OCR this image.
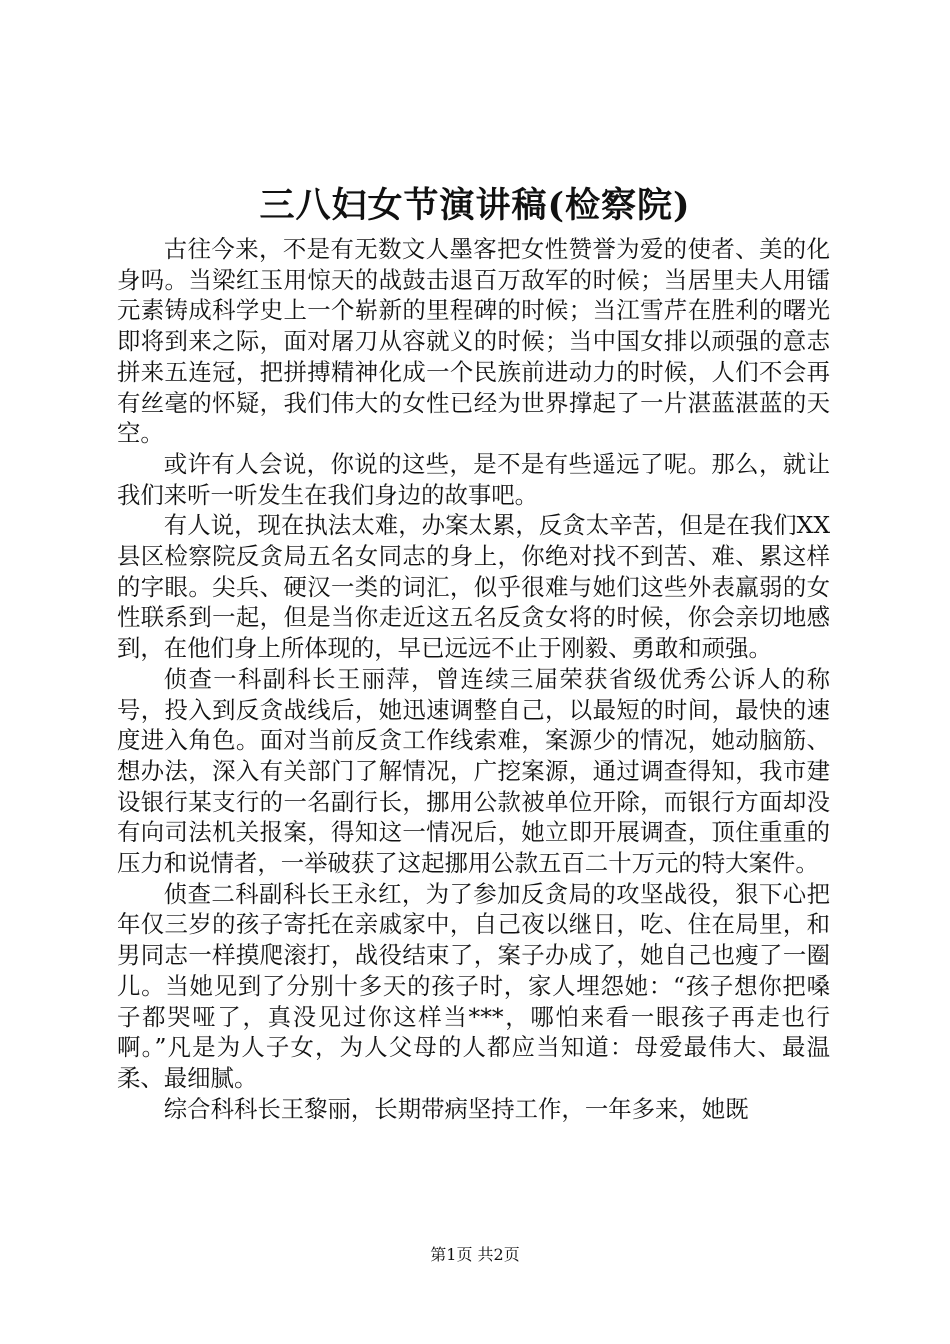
三八妇女节演讲稿(检察院)

古往今来，不是有无数文人墨客把女性赞誉为爱的使者、美的化身吗。当梁红玉用惊天的战鼓击退百万敌军的时候；当居里夫人用镭元素铸成科学史上一个崭新的里程碑的时候；当江雪芹在胜利的曙光即将到来之际，面对屠刀从容就义的时候；当中国女排以顽强的意志拼来五连冠，把拼搏精神化成一个民族前进动力的时候，人们不会再有丝毫的怀疑，我们伟大的女性已经为世界撑起了一片湛蓝湛蓝的天空。

或许有人会说，你说的这些，是不是有些遥远了呢。那么，就让我们来听一听发生在我们身边的故事吧。

有人说，现在执法太难，办案太累，反贪太辛苦，但是在我们XX县区检察院反贪局五名女同志的身上，你绝对找不到苦、难、累这样的字眼。尖兵、硬汉一类的词汇，似乎很难与她们这些外表羸弱的女性联系到一起，但是当你走近这五名反贪女将的时候，你会亲切地感到，在他们身上所体现的，早已远远不止于刚毅、勇敢和顽强。

侦查一科副科长王丽萍，曾连续三届荣获省级优秀公诉人的称号，投入到反贪战线后，她迅速调整自己，以最短的时间，最快的速度进入角色。面对当前反贪工作线索难，案源少的情况，她动脑筋、想办法，深入有关部门了解情况，广挖案源，通过调查得知，我市建设银行某支行的一名副行长，挪用公款被单位开除，而银行方面却没有向司法机关报案，得知这一情况后，她立即开展调查，顶住重重的压力和说情者，一举破获了这起挪用公款五百二十万元的特大案件。

侦查二科副科长王永红，为了参加反贪局的攻坚战役，狠下心把年仅三岁的孩子寄托在亲戚家中，自己夜以继日，吃、住在局里，和男同志一样摸爬滚打，战役结束了，案子办成了，她自己也瘦了一圈儿。当她见到了分别十多天的孩子时，家人埋怨她：“孩子想你把嗓子都哭哑了，真没见过你这样当***，哪怕来看一眼孩子再走也行啊。”凡是为人子女，为人父母的人都应当知道：母爱最伟大、最温柔、最细腻。

综合科科长王黎丽，长期带病坚持工作，一年多来，她既

第1页 共2页
